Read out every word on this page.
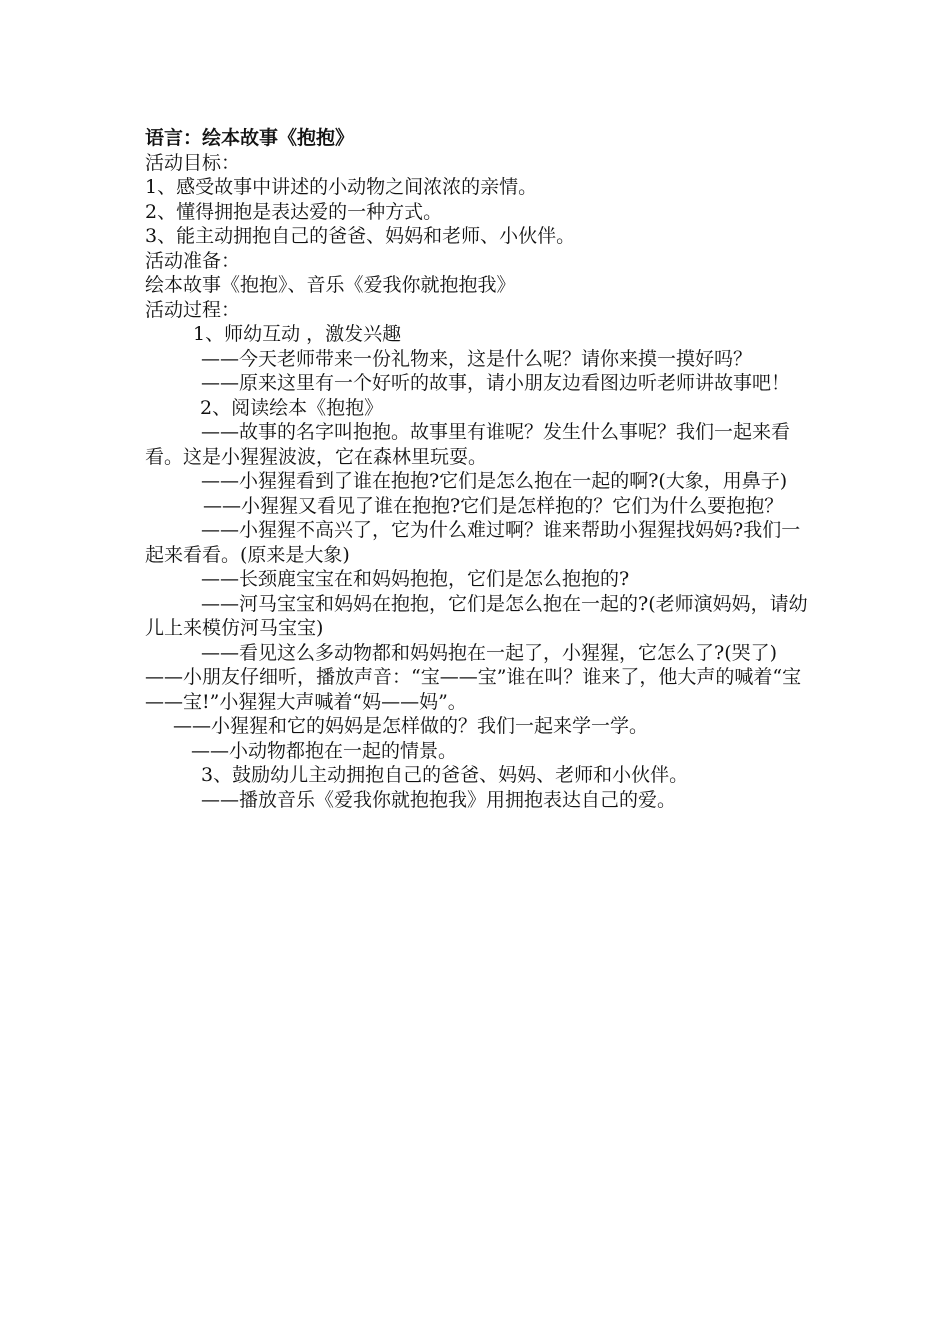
语言：绘本故事《抱抱》

活动目标：

1、感受故事中讲述的小动物之间浓浓的亲情。

2、懂得拥抱是表达爱的一种方式。

3、能主动拥抱自己的爸爸、妈妈和老师、小伙伴。

活动准备：

绘本故事《抱抱》、音乐《爱我你就抱抱我》

活动过程：

1、师幼互动 ，激发兴趣

——今天老师带来一份礼物来，这是什么呢？请你来摸一摸好吗？

——原来这里有一个好听的故事，请小朋友边看图边听老师讲故事吧！

2、阅读绘本《抱抱》

——故事的名字叫抱抱。故事里有谁呢？发生什么事呢？我们一起来看看。这是小猩猩波波，它在森林里玩耍。

——小猩猩看到了谁在抱抱?它们是怎么抱在一起的啊?(大象，用鼻子)

——小猩猩又看见了谁在抱抱?它们是怎样抱的？它们为什么要抱抱？

——小猩猩不高兴了，它为什么难过啊？谁来帮助小猩猩找妈妈?我们一起来看看。(原来是大象)

——长颈鹿宝宝在和妈妈抱抱，它们是怎么抱抱的?

——河马宝宝和妈妈在抱抱，它们是怎么抱在一起的?(老师演妈妈，请幼儿上来模仿河马宝宝)

——看见这么多动物都和妈妈抱在一起了，小猩猩，它怎么了?(哭了)

——小朋友仔细听，播放声音：“宝——宝”谁在叫？谁来了，他大声的喊着“宝——宝!”小猩猩大声喊着“妈——妈”。

——小猩猩和它的妈妈是怎样做的？我们一起来学一学。

——小动物都抱在一起的情景。

3、鼓励幼儿主动拥抱自己的爸爸、妈妈、老师和小伙伴。

——播放音乐《爱我你就抱抱我》用拥抱表达自己的爱。
